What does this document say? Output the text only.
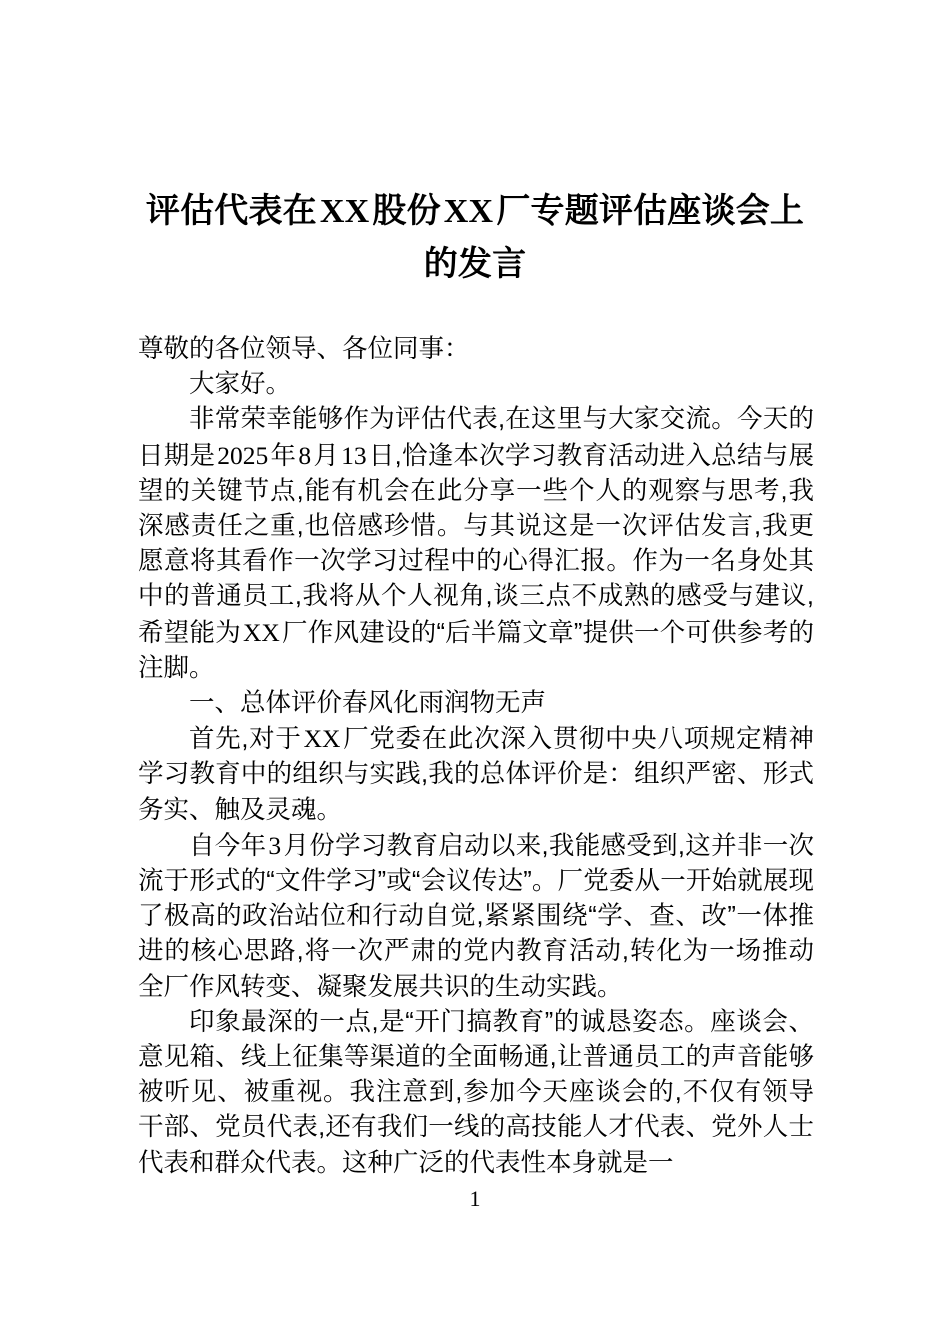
评估代表在XX股份XX厂专题评估座谈会上的发言

尊敬的各位领导、各位同事：

大家好。

非常荣幸能够作为评估代表,在这里与大家交流。今天的日期是2025年8月13日,恰逢本次学习教育活动进入总结与展望的关键节点,能有机会在此分享一些个人的观察与思考,我深感责任之重,也倍感珍惜。与其说这是一次评估发言,我更愿意将其看作一次学习过程中的心得汇报。作为一名身处其中的普通员工,我将从个人视角,谈三点不成熟的感受与建议,希望能为XX厂作风建设的“后半篇文章”提供一个可供参考的注脚。

一、总体评价春风化雨润物无声

首先,对于XX厂党委在此次深入贯彻中央八项规定精神学习教育中的组织与实践,我的总体评价是：组织严密、形式务实、触及灵魂。

自今年3月份学习教育启动以来,我能感受到,这并非一次流于形式的“文件学习”或“会议传达”。厂党委从一开始就展现了极高的政治站位和行动自觉,紧紧围绕“学、查、改”一体推进的核心思路,将一次严肃的党内教育活动,转化为一场推动全厂作风转变、凝聚发展共识的生动实践。

印象最深的一点,是“开门搞教育”的诚恳姿态。座谈会、意见箱、线上征集等渠道的全面畅通,让普通员工的声音能够被听见、被重视。我注意到,参加今天座谈会的,不仅有领导干部、党员代表,还有我们一线的高技能人才代表、党外人士代表和群众代表。这种广泛的代表性本身就是一

1
